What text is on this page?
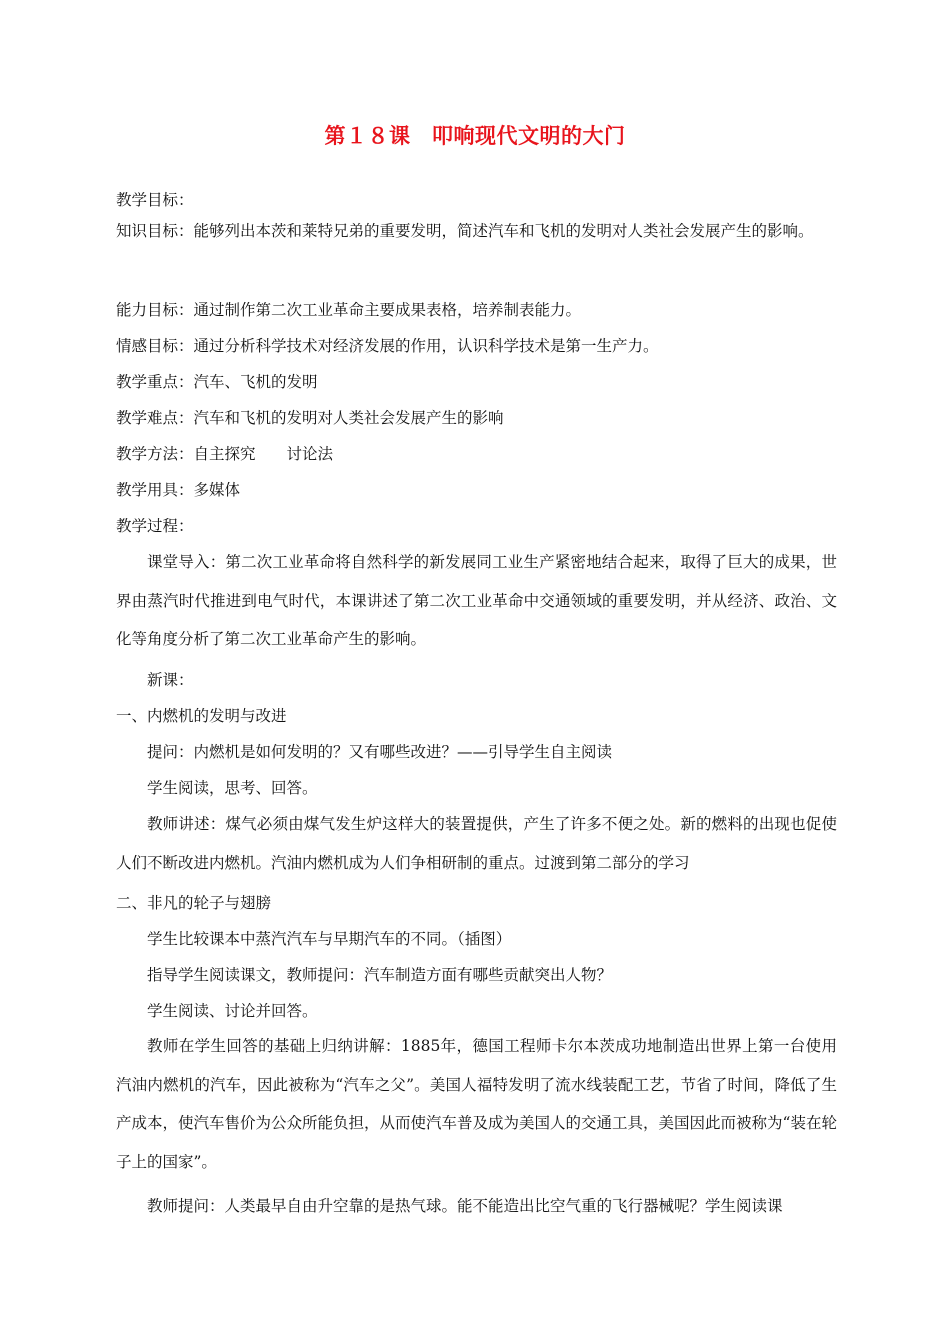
第１８课　叩响现代文明的大门
教学目标：
知识目标：能够列出本茨和莱特兄弟的重要发明，简述汽车和飞机的发明对人类社会发展产生的影响。
能力目标：通过制作第二次工业革命主要成果表格，培养制表能力。
情感目标：通过分析科学技术对经济发展的作用，认识科学技术是第一生产力。
教学重点：汽车、飞机的发明
教学难点：汽车和飞机的发明对人类社会发展产生的影响
教学方法：自主探究　　讨论法
教学用具：多媒体
教学过程：
课堂导入：第二次工业革命将自然科学的新发展同工业生产紧密地结合起来，取得了巨大的成果，世界由蒸汽时代推进到电气时代，本课讲述了第二次工业革命中交通领域的重要发明，并从经济、政治、文化等角度分析了第二次工业革命产生的影响。
新课：
一、内燃机的发明与改进
提问：内燃机是如何发明的？又有哪些改进？——引导学生自主阅读
学生阅读，思考、回答。
教师讲述：煤气必须由煤气发生炉这样大的装置提供，产生了许多不便之处。新的燃料的出现也促使人们不断改进内燃机。汽油内燃机成为人们争相研制的重点。过渡到第二部分的学习
二、非凡的轮子与翅膀
学生比较课本中蒸汽汽车与早期汽车的不同。（插图）
指导学生阅读课文，教师提问：汽车制造方面有哪些贡献突出人物？
学生阅读、讨论并回答。
教师在学生回答的基础上归纳讲解：1885年，德国工程师卡尔本茨成功地制造出世界上第一台使用汽油内燃机的汽车，因此被称为“汽车之父”。美国人福特发明了流水线装配工艺，节省了时间，降低了生产成本，使汽车售价为公众所能负担，从而使汽车普及成为美国人的交通工具，美国因此而被称为“装在轮子上的国家”。
教师提问：人类最早自由升空靠的是热气球。能不能造出比空气重的飞行器械呢？学生阅读课
